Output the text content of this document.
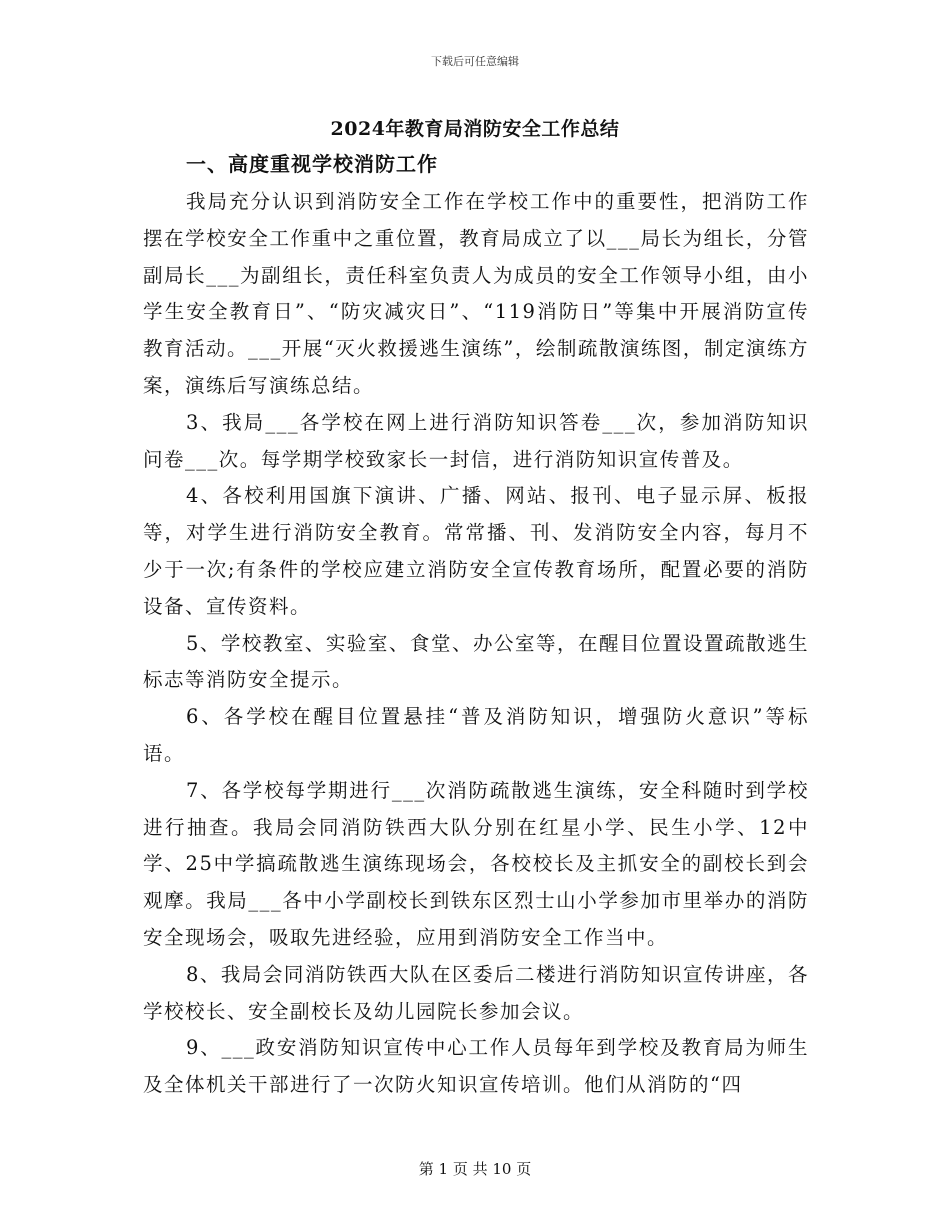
下载后可任意编辑
2024年教育局消防安全工作总结
一、高度重视学校消防工作

我局充分认识到消防安全工作在学校工作中的重要性，把消防工作摆在学校安全工作重中之重位置，教育局成立了以___局长为组长，分管副局长___为副组长，责任科室负责人为成员的安全工作领导小组，由小学生安全教育日”、“防灾减灾日”、“119消防日”等集中开展消防宣传教育活动。___开展“灭火救援逃生演练”，绘制疏散演练图，制定演练方案，演练后写演练总结。

3、我局___各学校在网上进行消防知识答卷___次，参加消防知识问卷___次。每学期学校致家长一封信，进行消防知识宣传普及。

4、各校利用国旗下演讲、广播、网站、报刊、电子显示屏、板报等，对学生进行消防安全教育。常常播、刊、发消防安全内容，每月不少于一次;有条件的学校应建立消防安全宣传教育场所，配置必要的消防设备、宣传资料。

5、学校教室、实验室、食堂、办公室等，在醒目位置设置疏散逃生标志等消防安全提示。

6、各学校在醒目位置悬挂“普及消防知识，增强防火意识”等标语。

7、各学校每学期进行___次消防疏散逃生演练，安全科随时到学校进行抽查。我局会同消防铁西大队分别在红星小学、民生小学、12中学、25中学搞疏散逃生演练现场会，各校校长及主抓安全的副校长到会观摩。我局___各中小学副校长到铁东区烈士山小学参加市里举办的消防安全现场会，吸取先进经验，应用到消防安全工作当中。

8、我局会同消防铁西大队在区委后二楼进行消防知识宣传讲座，各学校校长、安全副校长及幼儿园院长参加会议。

9、___政安消防知识宣传中心工作人员每年到学校及教育局为师生及全体机关干部进行了一次防火知识宣传培训。他们从消防的“四

第 1 页 共 10 页
